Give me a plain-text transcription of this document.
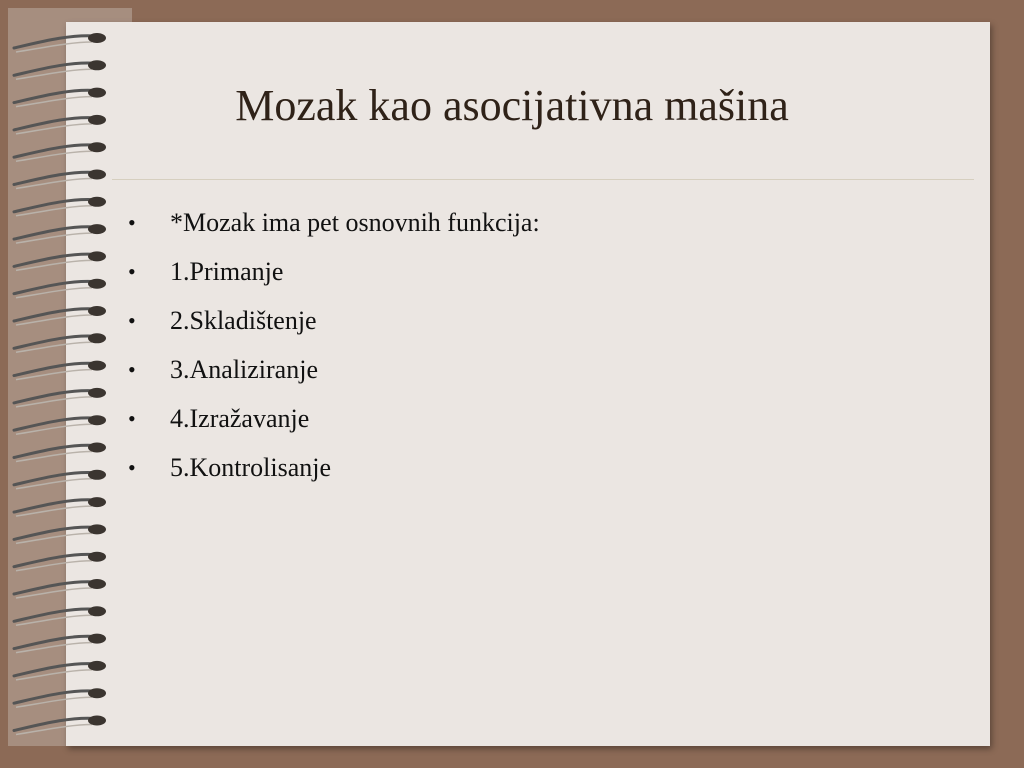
Mozak kao asocijativna mašina
• *Mozak ima pet osnovnih funkcija:
• 1.Primanje
• 2.Skladištenje
• 3.Analiziranje
• 4.Izražavanje
• 5.Kontrolisanje
